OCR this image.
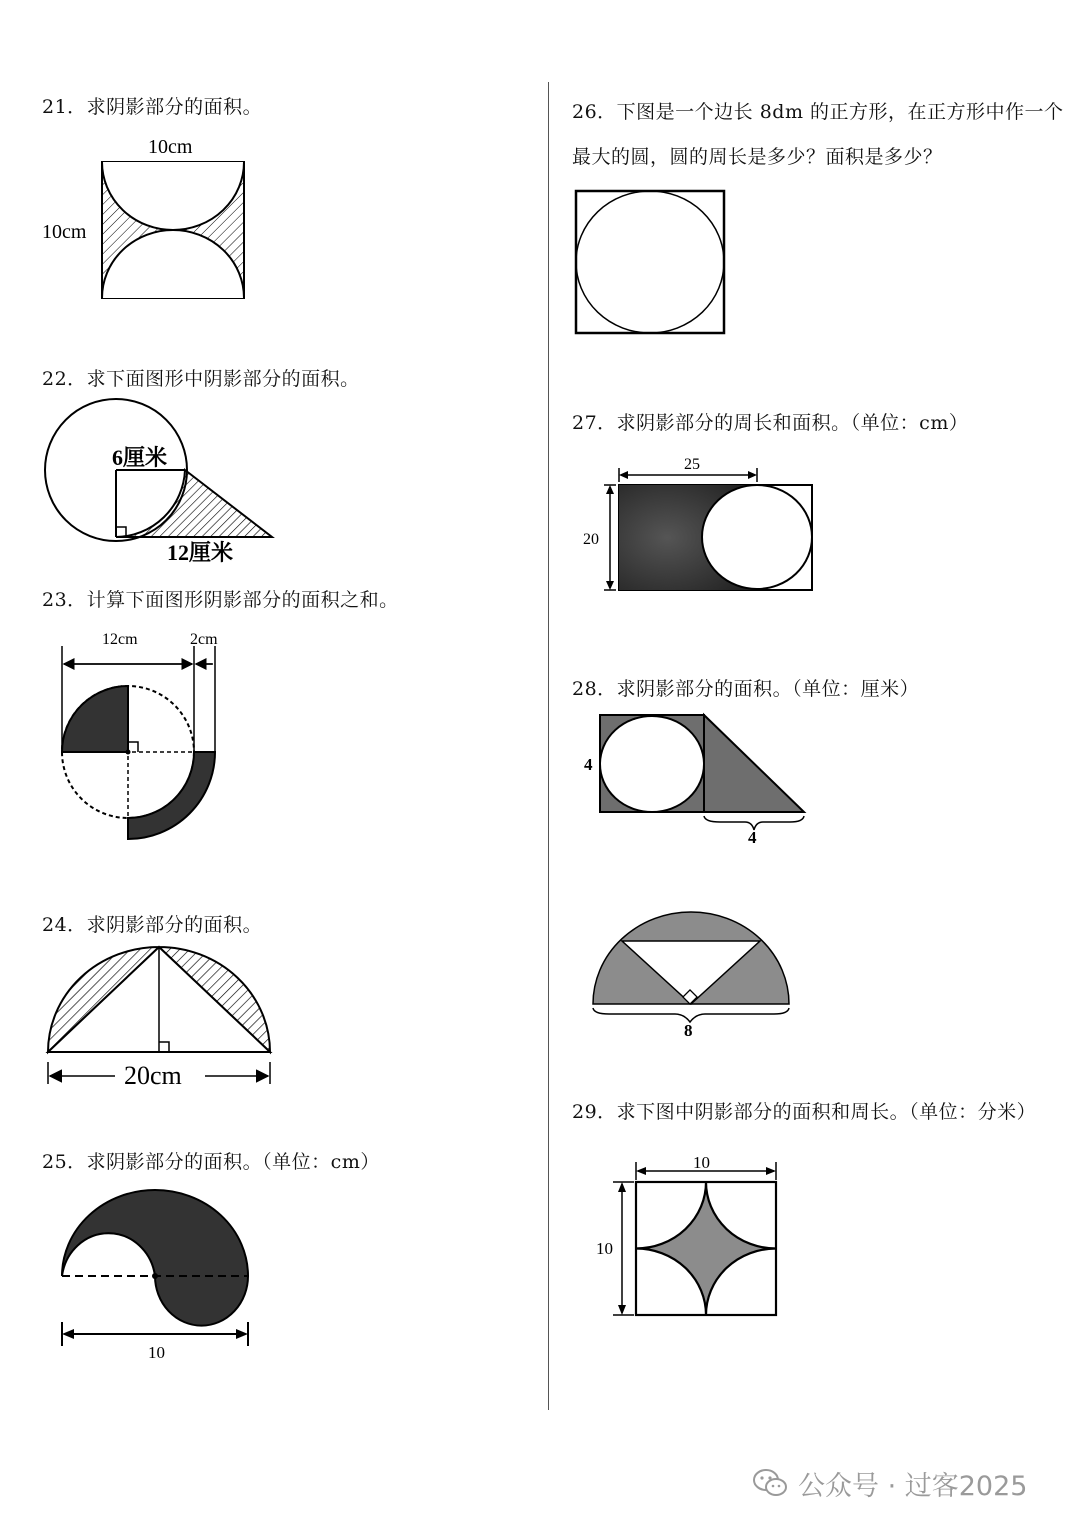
21．求阴影部分的面积。
22．求下面图形中阴影部分的面积。
23．计算下面图形阴影部分的面积之和。
24．求阴影部分的面积。
25．求阴影部分的面积。（单位：cm）
26．下图是一个边长 8dm 的正方形，在正方形中作一个
最大的圆，圆的周长是多少？面积是多少？
27．求阴影部分的周长和面积。（单位：cm）
28．求阴影部分的面积。（单位：厘米）
29．求下图中阴影部分的面积和周长。（单位：分米）
10cm
10cm
6厘米
12厘米
12cm	2cm
20cm
10
25
20
4
4
8
10
10
公众号 · 过客2025
